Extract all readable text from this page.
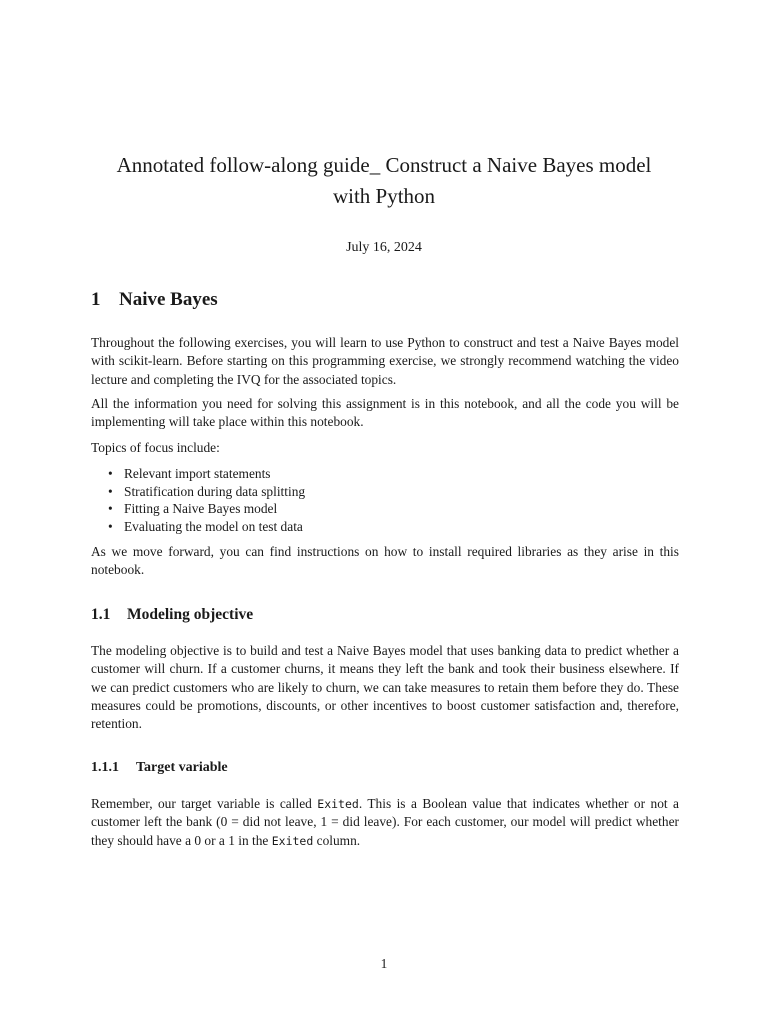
Annotated follow-along guide_ Construct a Naive Bayes model
with Python
July 16, 2024
1 Naive Bayes
Throughout the following exercises, you will learn to use Python to construct and test a Naive Bayes model with scikit-learn. Before starting on this programming exercise, we strongly recommend watching the video lecture and completing the IVQ for the associated topics.
All the information you need for solving this assignment is in this notebook, and all the code you will be implementing will take place within this notebook.
Topics of focus include:
• Relevant import statements
• Stratification during data splitting
• Fitting a Naive Bayes model
• Evaluating the model on test data
As we move forward, you can find instructions on how to install required libraries as they arise in this notebook.
1.1 Modeling objective
The modeling objective is to build and test a Naive Bayes model that uses banking data to predict whether a customer will churn. If a customer churns, it means they left the bank and took their business elsewhere. If we can predict customers who are likely to churn, we can take measures to retain them before they do. These measures could be promotions, discounts, or other incentives to boost customer satisfaction and, therefore, retention.
1.1.1 Target variable
Remember, our target variable is called Exited. This is a Boolean value that indicates whether or not a customer left the bank (0 = did not leave, 1 = did leave). For each customer, our model will predict whether they should have a 0 or a 1 in the Exited column.
1
